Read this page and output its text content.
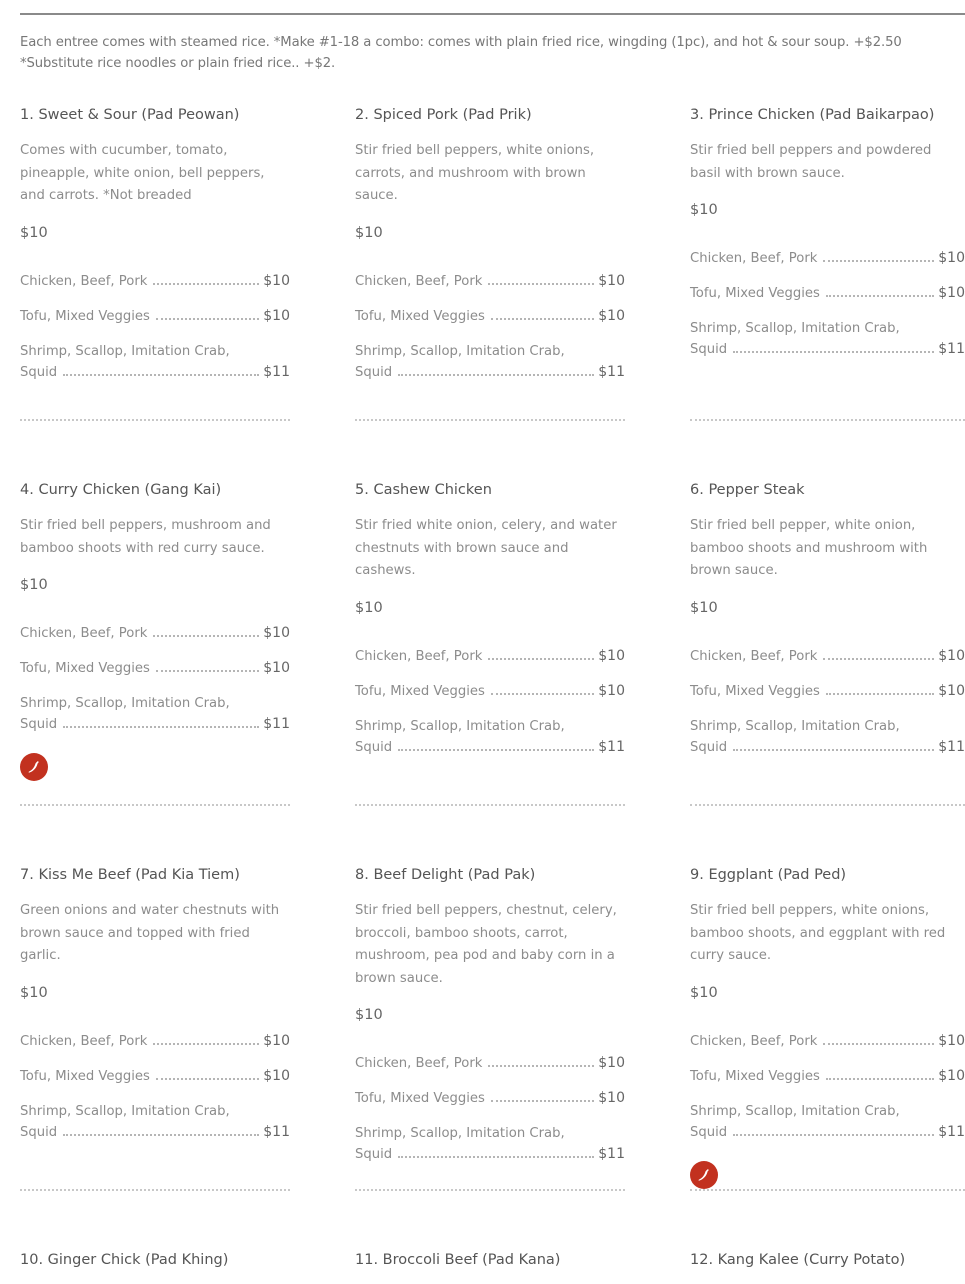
Each entree comes with steamed rice. *Make #1-18 a combo: comes with plain fried rice, wingding (1pc), and hot & sour soup. +$2.50 *Substitute rice noodles or plain fried rice.. +$2.
1. Sweet & Sour (Pad Peowan)
Comes with cucumber, tomato, pineapple, white onion, bell peppers, and carrots. *Not breaded
$10
Chicken, Beef, Pork	$10
Tofu, Mixed Veggies	$10
Shrimp, Scallop, Imitation Crab,
Squid	$11
2. Spiced Pork (Pad Prik)
Stir fried bell peppers, white onions, carrots, and mushroom with brown sauce.
$10
Chicken, Beef, Pork	$10
Tofu, Mixed Veggies	$10
Shrimp, Scallop, Imitation Crab,
Squid	$11
3. Prince Chicken (Pad Baikarpao)
Stir fried bell peppers and powdered basil with brown sauce.
$10
Chicken, Beef, Pork	$10
Tofu, Mixed Veggies	$10
Shrimp, Scallop, Imitation Crab,
Squid	$11
4. Curry Chicken (Gang Kai)
Stir fried bell peppers, mushroom and bamboo shoots with red curry sauce.
$10
Chicken, Beef, Pork	$10
Tofu, Mixed Veggies	$10
Shrimp, Scallop, Imitation Crab,
Squid	$11
5. Cashew Chicken
Stir fried white onion, celery, and water chestnuts with brown sauce and cashews.
$10
Chicken, Beef, Pork	$10
Tofu, Mixed Veggies	$10
Shrimp, Scallop, Imitation Crab,
Squid	$11
6. Pepper Steak
Stir fried bell pepper, white onion, bamboo shoots and mushroom with brown sauce.
$10
Chicken, Beef, Pork	$10
Tofu, Mixed Veggies	$10
Shrimp, Scallop, Imitation Crab,
Squid	$11
7. Kiss Me Beef (Pad Kia Tiem)
Green onions and water chestnuts with brown sauce and topped with fried garlic.
$10
Chicken, Beef, Pork	$10
Tofu, Mixed Veggies	$10
Shrimp, Scallop, Imitation Crab,
Squid	$11
8. Beef Delight (Pad Pak)
Stir fried bell peppers, chestnut, celery, broccoli, bamboo shoots, carrot, mushroom, pea pod and baby corn in a brown sauce.
$10
Chicken, Beef, Pork	$10
Tofu, Mixed Veggies	$10
Shrimp, Scallop, Imitation Crab,
Squid	$11
9. Eggplant (Pad Ped)
Stir fried bell peppers, white onions, bamboo shoots, and eggplant with red curry sauce.
$10
Chicken, Beef, Pork	$10
Tofu, Mixed Veggies	$10
Shrimp, Scallop, Imitation Crab,
Squid	$11
10. Ginger Chick (Pad Khing)	11. Broccoli Beef (Pad Kana)	12. Kang Kalee (Curry Potato)
